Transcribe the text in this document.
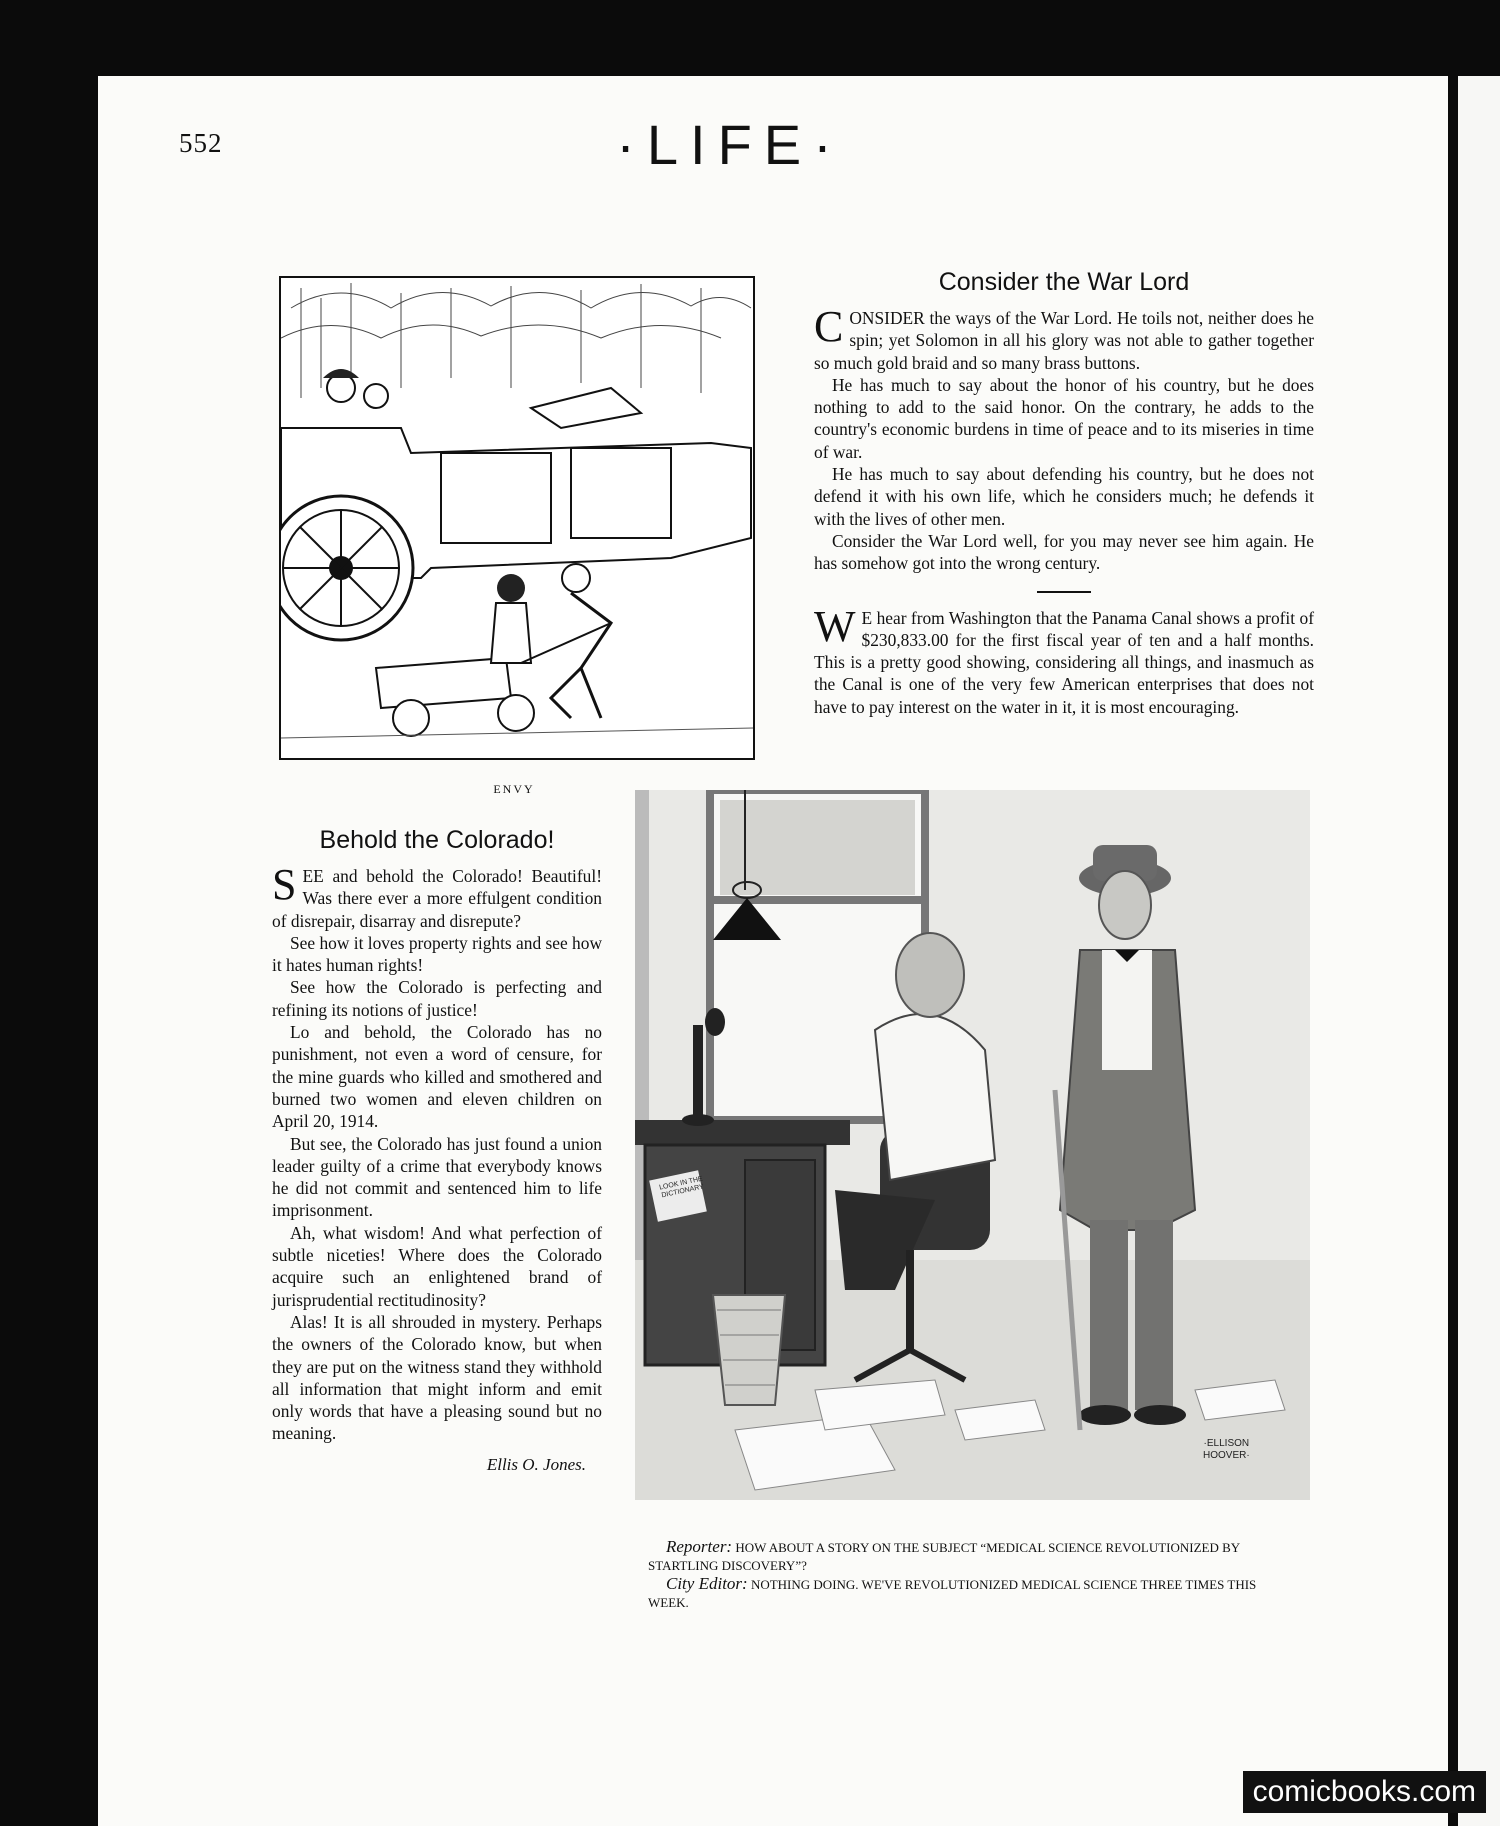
552	·LIFE·
ENVY
Consider the War Lord

CONSIDER the ways of the War Lord. He toils not, neither does he spin; yet Solomon in all his glory was not able to gather together so much gold braid and so many brass buttons.

He has much to say about the honor of his country, but he does nothing to add to the said honor. On the contrary, he adds to the country's economic burdens in time of peace and to its miseries in time of war.

He has much to say about defending his country, but he does not defend it with his own life, which he considers much; he defends it with the lives of other men.

Consider the War Lord well, for you may never see him again. He has somehow got into the wrong century.

W E hear from Washington that the Panama Canal shows a profit of $230,833.00 for the first fiscal year of ten and a half months. This is a pretty good showing, considering all things, and inasmuch as the Canal is one of the very few American enterprises that does not have to pay interest on the water in it, it is most encouraging.

Behold the Colorado!

SEE and behold the Colorado! Beautiful! Was there ever a more effulgent condition of disrepair, disarray and disrepute?

See how it loves property rights and see how it hates human rights!

See how the Colorado is perfecting and refining its notions of justice!

Lo and behold, the Colorado has no punishment, not even a word of censure, for the mine guards who killed and smothered and burned two women and eleven children on April 20, 1914.

But see, the Colorado has just found a union leader guilty of a crime that everybody knows he did not commit and sentenced him to life imprisonment.

Ah, what wisdom! And what perfection of subtle niceties! Where does the Colorado acquire such an enlightened brand of jurisprudential rectitudinosity?

Alas! It is all shrouded in mystery. Perhaps the owners of the Colorado know, but when they are put on the witness stand they withhold all information that might inform and emit only words that have a pleasing sound but no meaning.

Ellis O. Jones.
LOOK IN THE DICTIONARY
·ELLISON
HOOVER·
Reporter: HOW ABOUT A STORY ON THE SUBJECT “MEDICAL SCIENCE REVOLUTIONIZED BY STARTLING DISCOVERY”?
City Editor: NOTHING DOING. WE'VE REVOLUTIONIZED MEDICAL SCIENCE THREE TIMES THIS WEEK.
comicbooks.com
